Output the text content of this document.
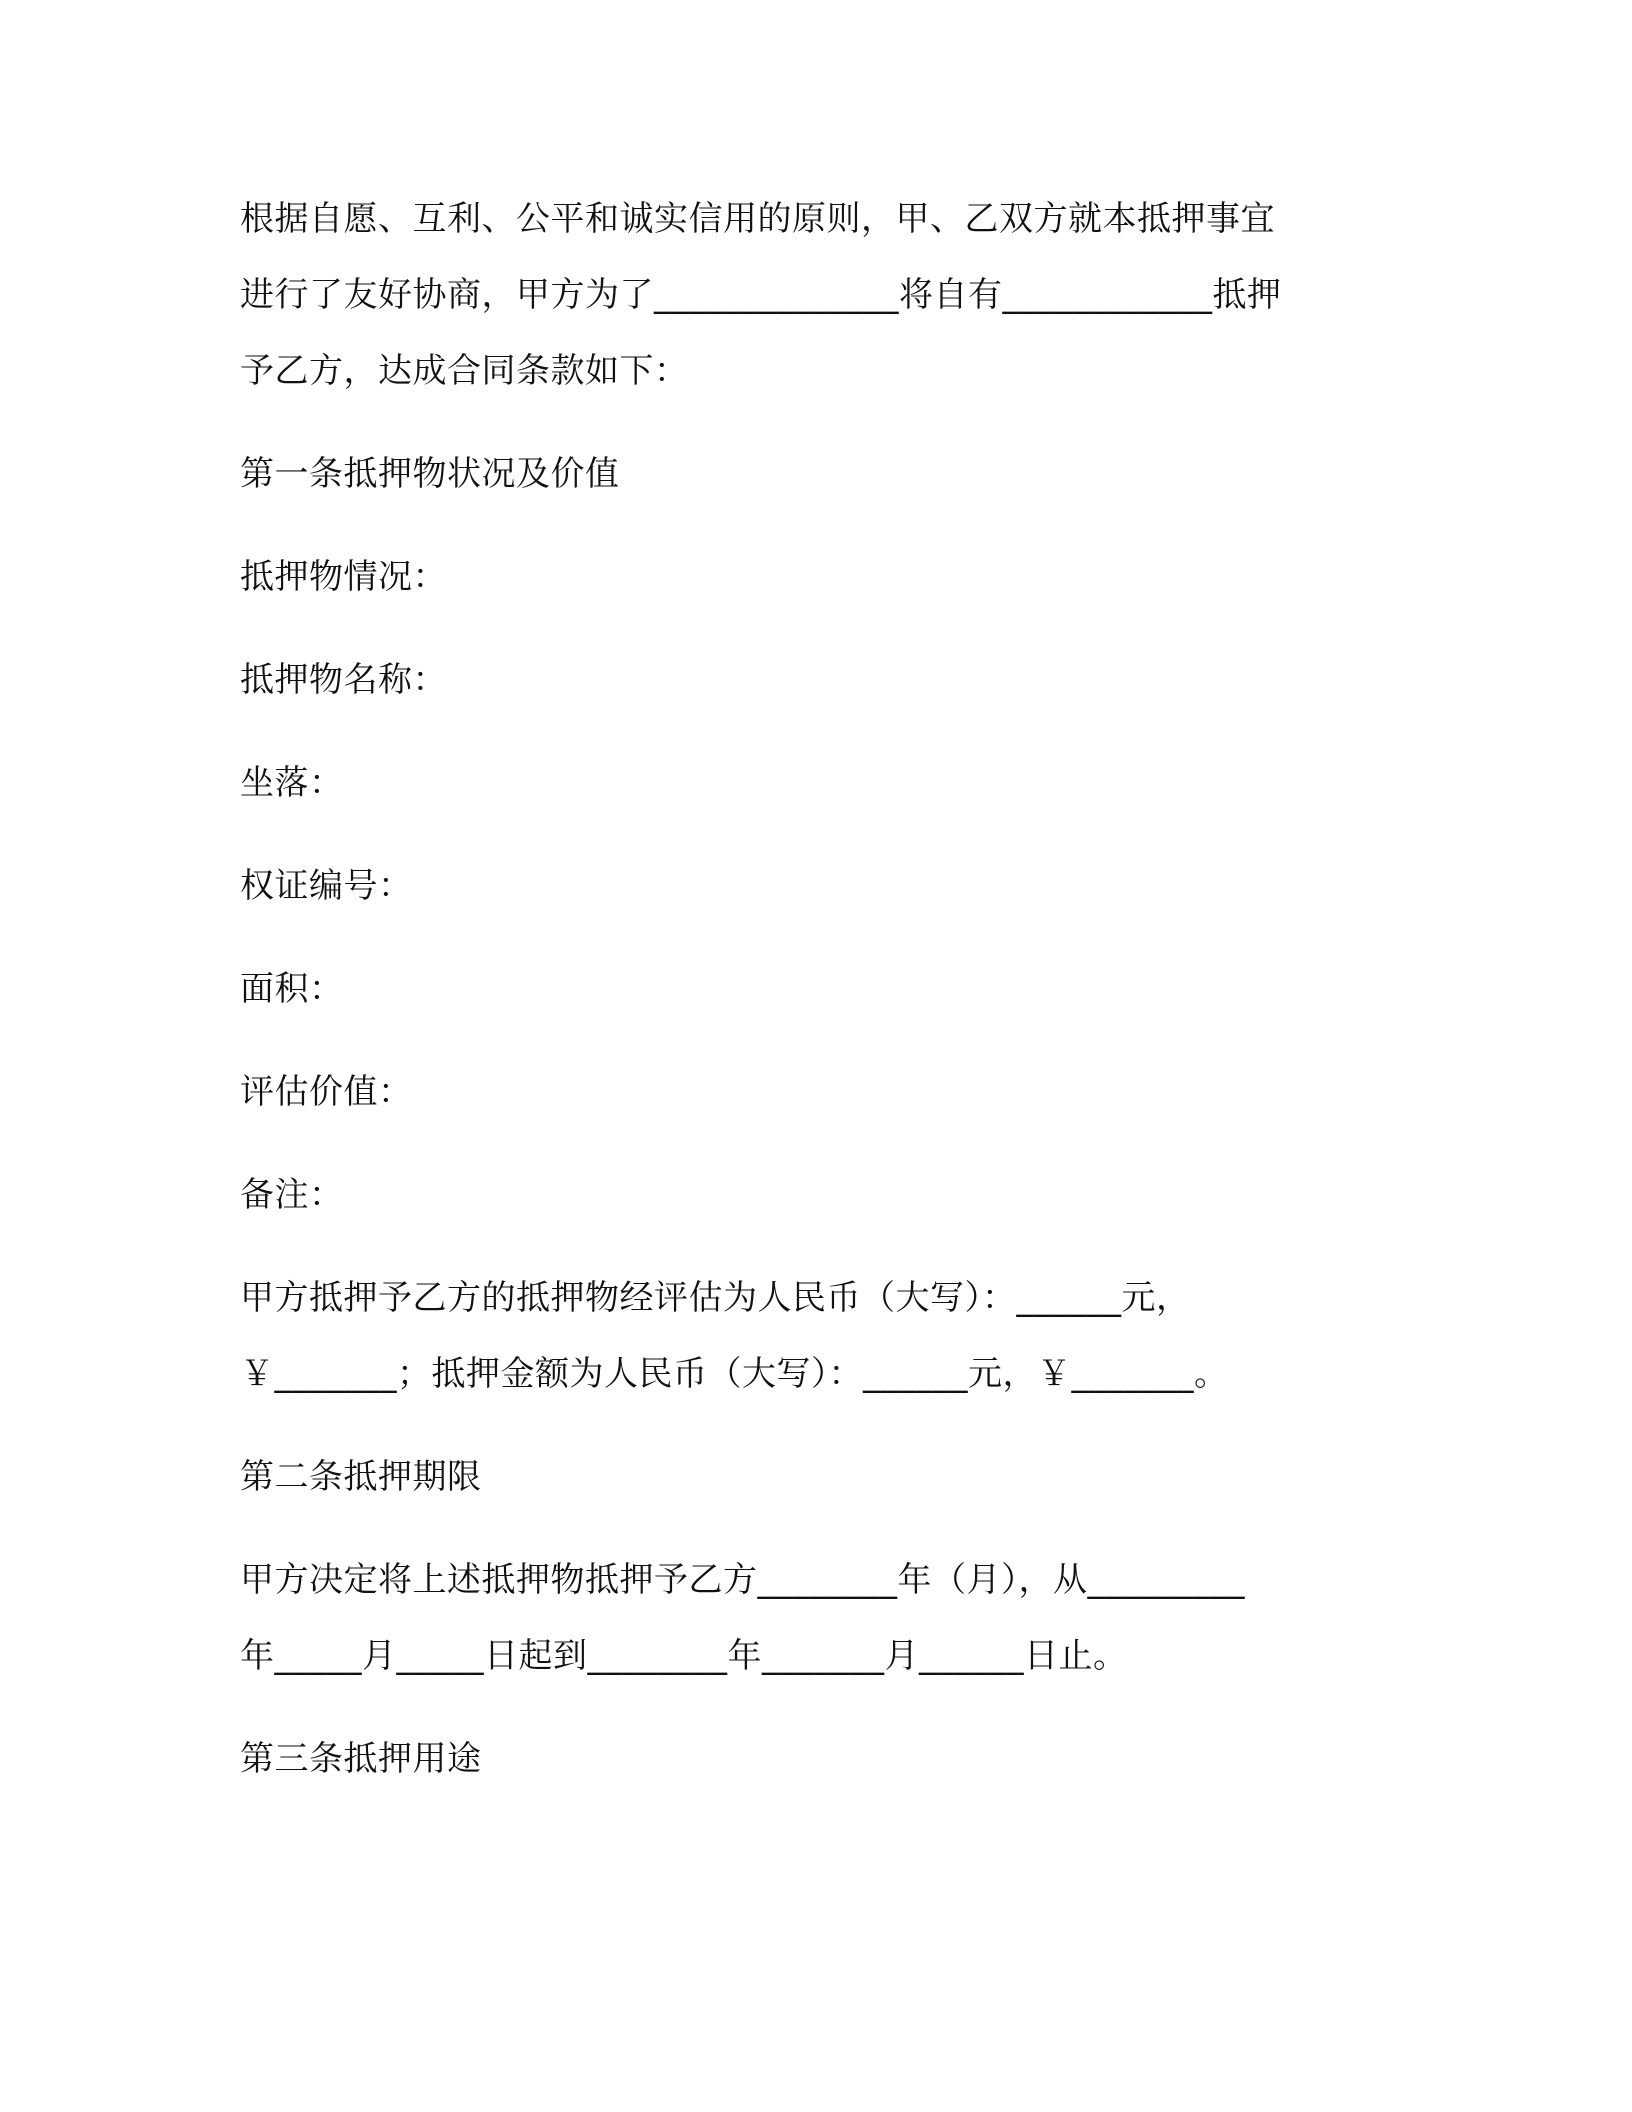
根据自愿、互利、公平和诚实信用的原则，甲、乙双方就本抵押事宜

进行了友好协商，甲方为了______________将自有____________抵押

予乙方，达成合同条款如下：

第一条抵押物状况及价值

抵押物情况：

抵押物名称：

坐落：

权证编号：

面积：

评估价值：

备注：

甲方抵押予乙方的抵押物经评估为人民币（大写）：______元，

￥_______；抵押金额为人民币（大写）：______元，￥_______。

第二条抵押期限

甲方决定将上述抵押物抵押予乙方________年（月），从_________

年_____月_____日起到________年_______月______日止。

第三条抵押用途
